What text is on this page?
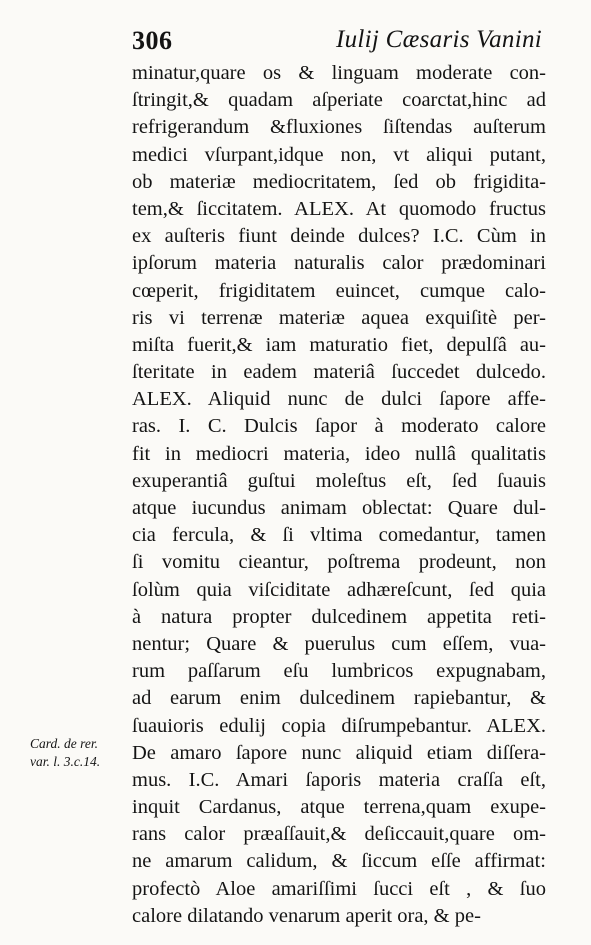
306	Iulij Cæsaris Vanini
minatur,quare os & linguam moderate con-
ſtringit,& quadam aſperiate coarctat,hinc ad
refrigerandum &fluxiones ſiſtendas auſterum
medici vſurpant,idque non, vt aliqui putant,
ob materiæ mediocritatem, ſed ob frigidita-
tem,& ſiccitatem. ALEX. At quomodo fructus
ex auſteris fiunt deinde dulces? I.C. Cùm in
ipſorum materia naturalis calor prædominari
cœperit, frigiditatem euincet, cumque calo-
ris vi terrenæ materiæ aquea exquiſitè per-
miſta fuerit,& iam maturatio fiet, depulſâ au-
ſteritate in eadem materiâ ſuccedet dulcedo.
ALEX. Aliquid nunc de dulci ſapore affe-
ras. I. C. Dulcis ſapor à moderato calore
fit in mediocri materia, ideo nullâ qualitatis
exuperantiâ guſtui moleſtus eſt, ſed ſuauis
atque iucundus animam oblectat: Quare dul-
cia fercula, & ſi vltima comedantur, tamen
ſi vomitu cieantur, poſtrema prodeunt, non
ſolùm quia viſciditate adhæreſcunt, ſed quia
à natura propter dulcedinem appetita reti-
nentur; Quare & puerulus cum eſſem, vua-
rum paſſarum eſu lumbricos expugnabam,
ad earum enim dulcedinem rapiebantur, &
ſuauioris edulij copia diſrumpebantur. ALEX.
De amaro ſapore nunc aliquid etiam diſſera-
mus. I.C. Amari ſaporis materia craſſa eſt,
inquit Cardanus, atque terrena,quam exupe-
rans calor præaſſauit,& deſiccauit,quare om-
ne amarum calidum, & ſiccum eſſe affirmat:
profectò Aloe amariſſimi ſucci eſt , & ſuo
calore dilatando venarum aperit ora, & pe-
Card. de rer.
var. l. 3.c.14.
